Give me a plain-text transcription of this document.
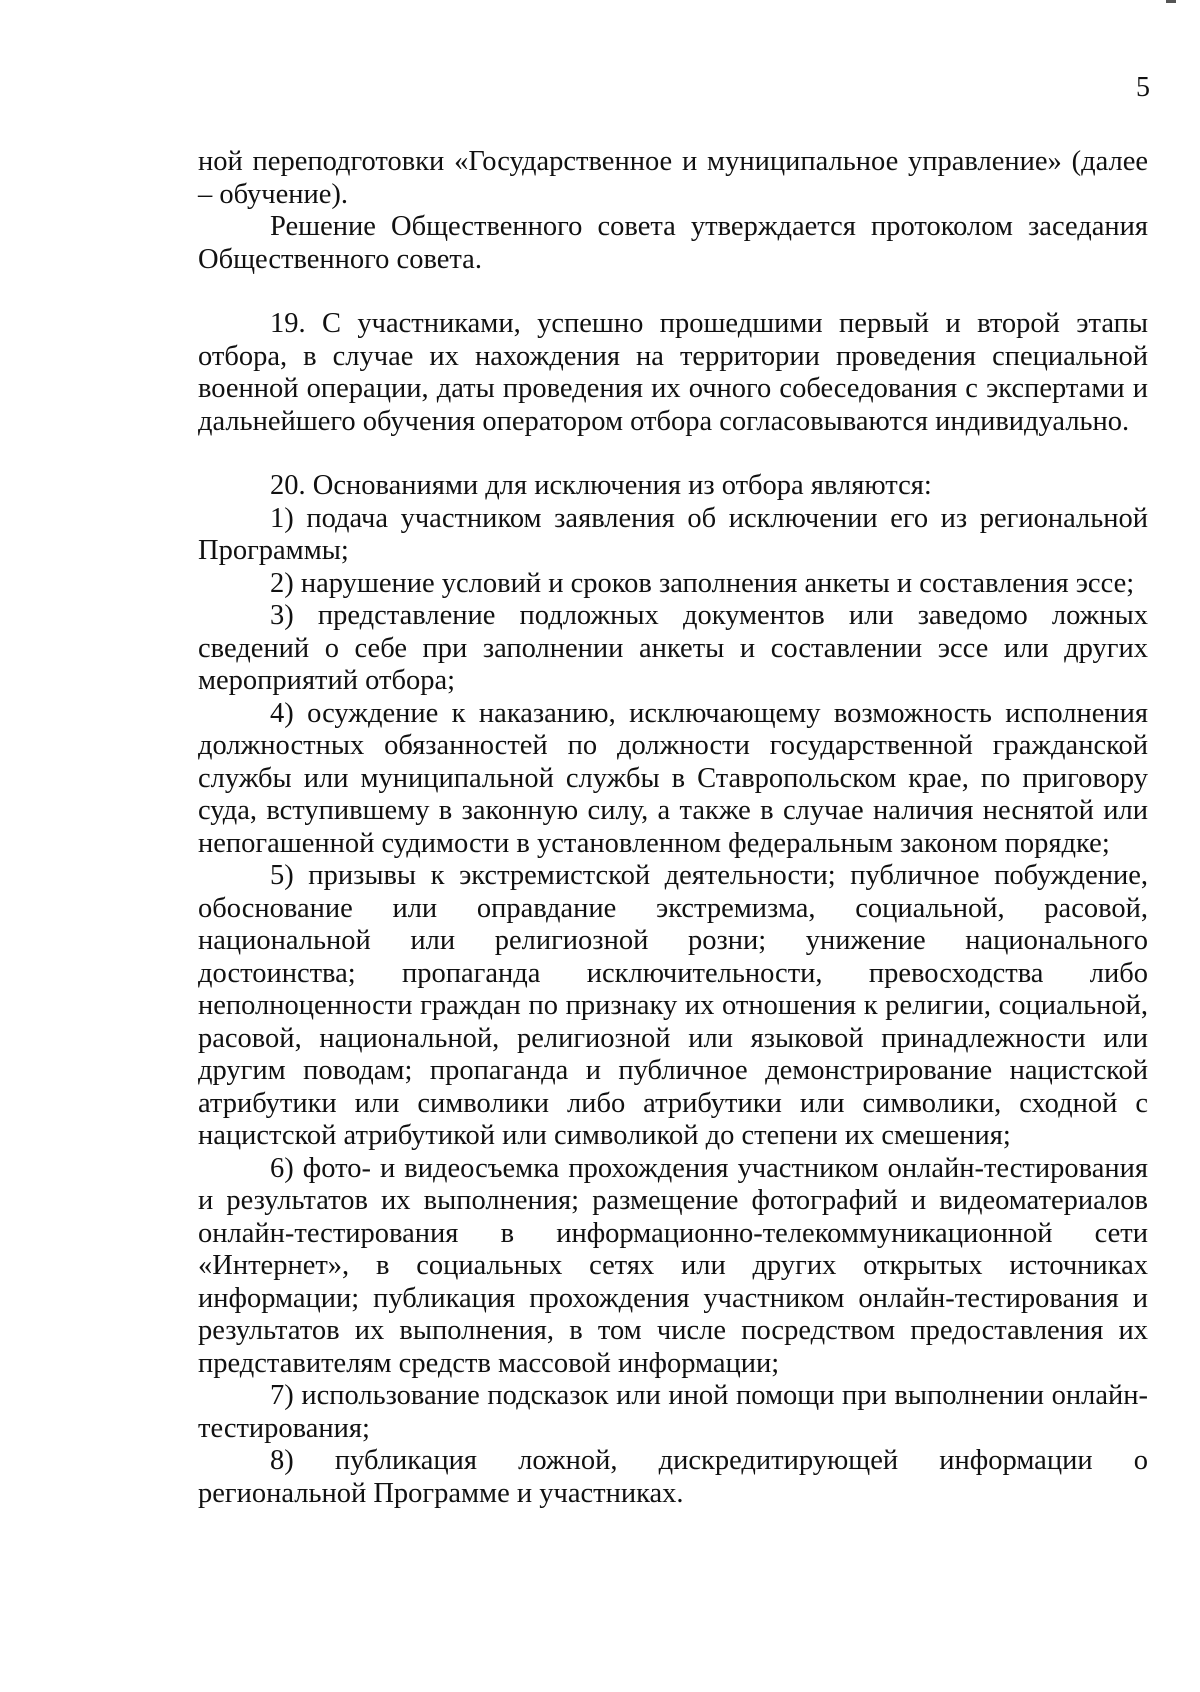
5

ной переподготовки «Государственное и муниципальное управление» (далее – обучение).

Решение Общественного совета утверждается протоколом заседания Общественного совета.

19. С участниками, успешно прошедшими первый и второй этапы отбора, в случае их нахождения на территории проведения специальной военной операции, даты проведения их очного собеседования с экспертами и дальнейшего обучения оператором отбора согласовываются индивидуально.

20. Основаниями для исключения из отбора являются:

1) подача участником заявления об исключении его из региональной Программы;

2) нарушение условий и сроков заполнения анкеты и составления эссе;

3) представление подложных документов или заведомо ложных сведений о себе при заполнении анкеты и составлении эссе или других мероприятий отбора;

4) осуждение к наказанию, исключающему возможность исполнения должностных обязанностей по должности государственной гражданской службы или муниципальной службы в Ставропольском крае, по приговору суда, вступившему в законную силу, а также в случае наличия неснятой или непогашенной судимости в установленном федеральным законом порядке;

5) призывы к экстремистской деятельности; публичное побуждение, обоснование или оправдание экстремизма, социальной, расовой, национальной или религиозной розни; унижение национального достоинства; пропаганда исключительности, превосходства либо неполноценности граждан по признаку их отношения к религии, социальной, расовой, национальной, религиозной или языковой принадлежности или другим поводам; пропаганда и публичное демонстрирование нацистской атрибутики или символики либо атрибутики или символики, сходной с нацистской атрибутикой или символикой до степени их смешения;

6) фото- и видеосъемка прохождения участником онлайн-тестирования и результатов их выполнения; размещение фотографий и видеоматериалов онлайн-тестирования в информационно-телекоммуникационной сети «Интернет», в социальных сетях или других открытых источниках информации; публикация прохождения участником онлайн-тестирования и результатов их выполнения, в том числе посредством предоставления их представителям средств массовой информации;

7) использование подсказок или иной помощи при выполнении онлайн-тестирования;

8) публикация ложной, дискредитирующей информации о региональной Программе и участниках.
